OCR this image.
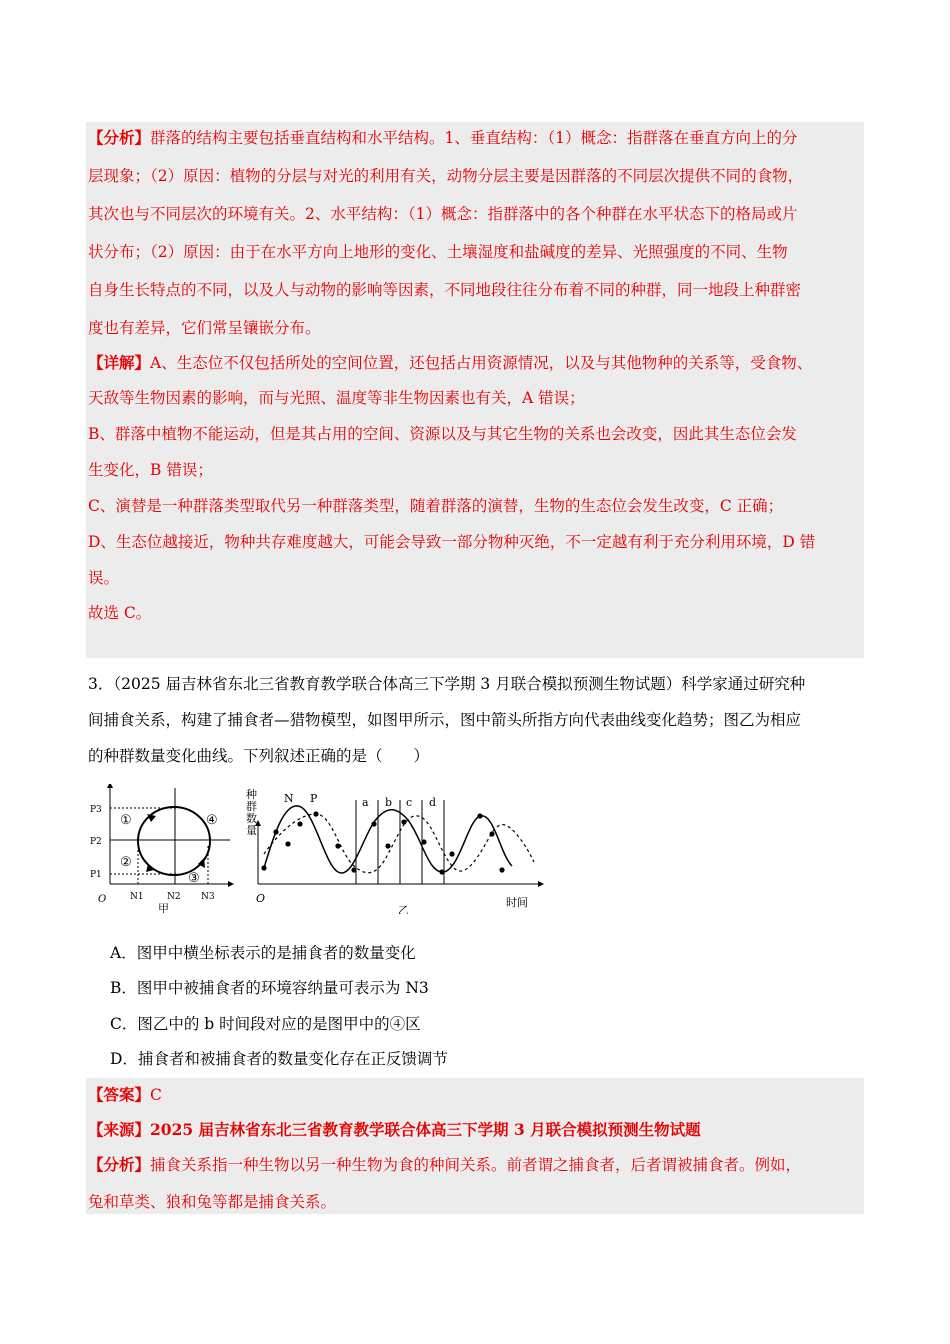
【分析】群落的结构主要包括垂直结构和水平结构。1、垂直结构：（1）概念：指群落在垂直方向上的分
层现象；（2）原因：植物的分层与对光的利用有关，动物分层主要是因群落的不同层次提供不同的食物，
其次也与不同层次的环境有关。2、水平结构：（1）概念：指群落中的各个种群在水平状态下的格局或片
状分布；（2）原因：由于在水平方向上地形的变化、土壤湿度和盐碱度的差异、光照强度的不同、生物
自身生长特点的不同，以及人与动物的影响等因素，不同地段往往分布着不同的种群，同一地段上种群密
度也有差异，它们常呈镶嵌分布。
【详解】A、生态位不仅包括所处的空间位置，还包括占用资源情况，以及与其他物种的关系等，受食物、
天敌等生物因素的影响，而与光照、温度等非生物因素也有关，A 错误；
B、群落中植物不能运动，但是其占用的空间、资源以及与其它生物的关系也会改变，因此其生态位会发
生变化，B 错误；
C、演替是一种群落类型取代另一种群落类型，随着群落的演替，生物的生态位会发生改变，C 正确；
D、生态位越接近，物种共存难度越大，可能会导致一部分物种灭绝，不一定越有利于充分利用环境，D 错
误。
故选 C。
3．（2025 届吉林省东北三省教育教学联合体高三下学期 3 月联合模拟预测生物试题）科学家通过研究种
间捕食关系，构建了捕食者—猎物模型，如图甲所示，图中箭头所指方向代表曲线变化趋势；图乙为相应
的种群数量变化曲线。下列叙述正确的是（　　）
O
P3
P2
P1
N1	N2 N3
甲
①
②
③
④
种
群
数
量
O	时间
乙
N P	a b c d
A．图甲中横坐标表示的是捕食者的数量变化
B．图甲中被捕食者的环境容纳量可表示为 N3
C．图乙中的 b 时间段对应的是图甲中的④区
D．捕食者和被捕食者的数量变化存在正反馈调节
【答案】C
【来源】2025 届吉林省东北三省教育教学联合体高三下学期 3 月联合模拟预测生物试题
【分析】捕食关系指一种生物以另一种生物为食的种间关系。前者谓之捕食者，后者谓被捕食者。例如，
兔和草类、狼和兔等都是捕食关系。
